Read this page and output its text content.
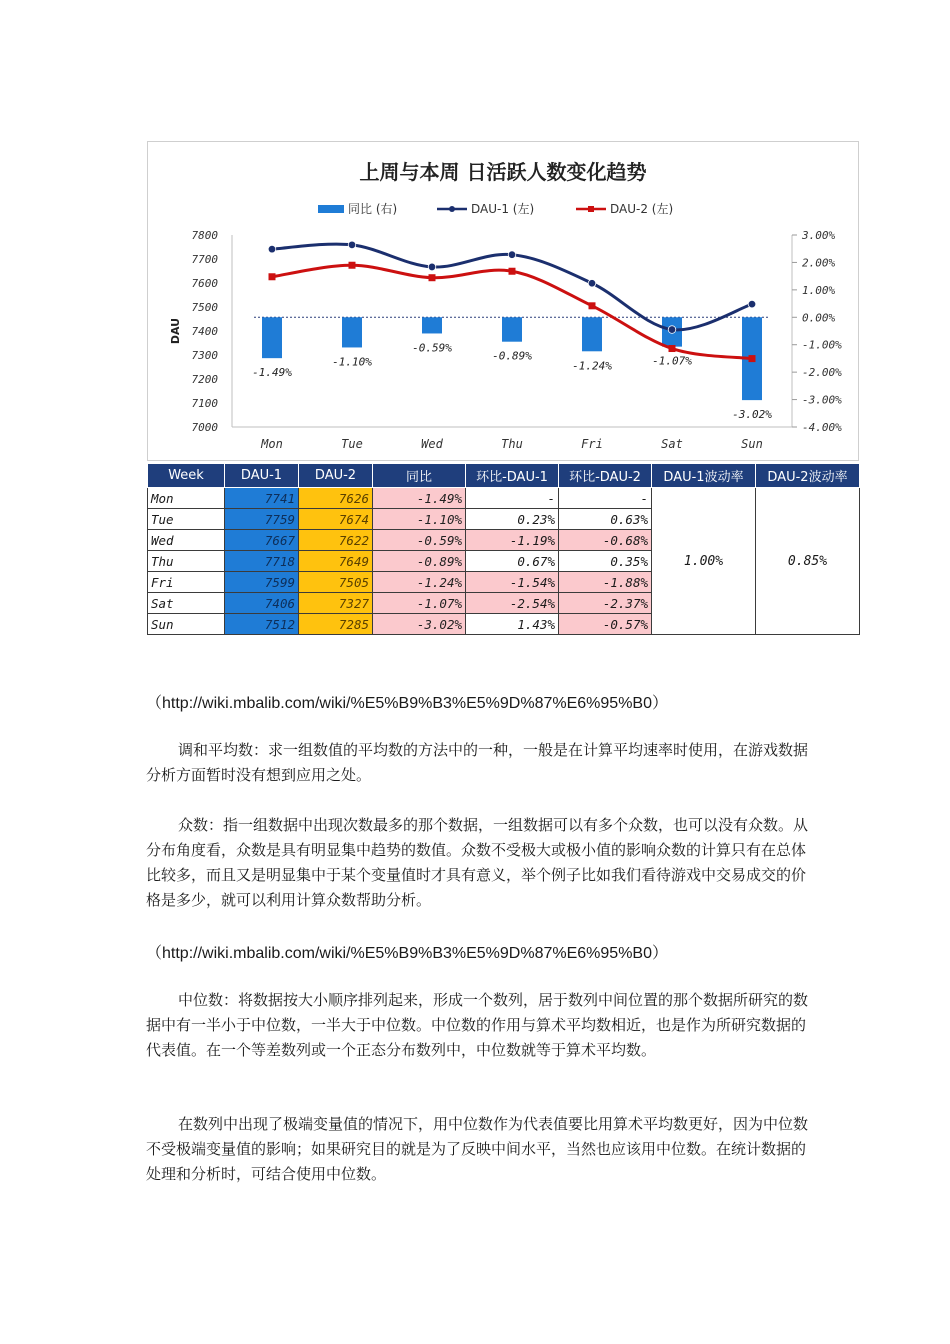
上周与本周 日活跃人数变化趋势
同比 (右)	DAU-1 (左)	DAU-2 (左)
7800
7700
7600
7500
7400
7300
7200
7100
7000
DAU
3.00%
2.00%
1.00%
0.00%
-1.00%
-2.00%
-3.00%
-4.00%
Mon	Tue	Wed	Thu	Fri	Sat	Sun
-1.49%
-1.10%
-0.59%
-0.89%
-1.24%	-1.07%
-3.02%
Week	DAU-1	DAU-2	同比	环比-DAU-1	环比-DAU-2	DAU-1波动率	DAU-2波动率
Mon	7741	7626	-1.49%	-	-	1.00%	0.85%
Tue	7759	7674	-1.10%	0.23%	0.63%		
Wed	7667	7622	-0.59%	-1.19%	-0.68%		
Thu	7718	7649	-0.89%	0.67%	0.35%		
Fri	7599	7505	-1.24%	-1.54%	-1.88%		
Sat	7406	7327	-1.07%	-2.54%	-2.37%		
Sun	7512	7285	-3.02%	1.43%	-0.57%		

（http://wiki.mbalib.com/wiki/%E5%B9%B3%E5%9D%87%E6%95%B0）

调和平均数：求一组数值的平均数的方法中的一种，一般是在计算平均速率时使用，在游戏数据分析方面暂时没有想到应用之处。

众数：指一组数据中出现次数最多的那个数据，一组数据可以有多个众数，也可以没有众数。从分布角度看，众数是具有明显集中趋势的数值。众数不受极大或极小值的影响众数的计算只有在总体比较多，而且又是明显集中于某个变量值时才具有意义，举个例子比如我们看待游戏中交易成交的价格是多少，就可以利用计算众数帮助分析。

（http://wiki.mbalib.com/wiki/%E5%B9%B3%E5%9D%87%E6%95%B0）

中位数：将数据按大小顺序排列起来，形成一个数列，居于数列中间位置的那个数据所研究的数据中有一半小于中位数，一半大于中位数。中位数的作用与算术平均数相近，也是作为所研究数据的代表值。在一个等差数列或一个正态分布数列中，中位数就等于算术平均数。

在数列中出现了极端变量值的情况下，用中位数作为代表值要比用算术平均数更好，因为中位数不受极端变量值的影响；如果研究目的就是为了反映中间水平，当然也应该用中位数。在统计数据的处理和分析时，可结合使用中位数。
